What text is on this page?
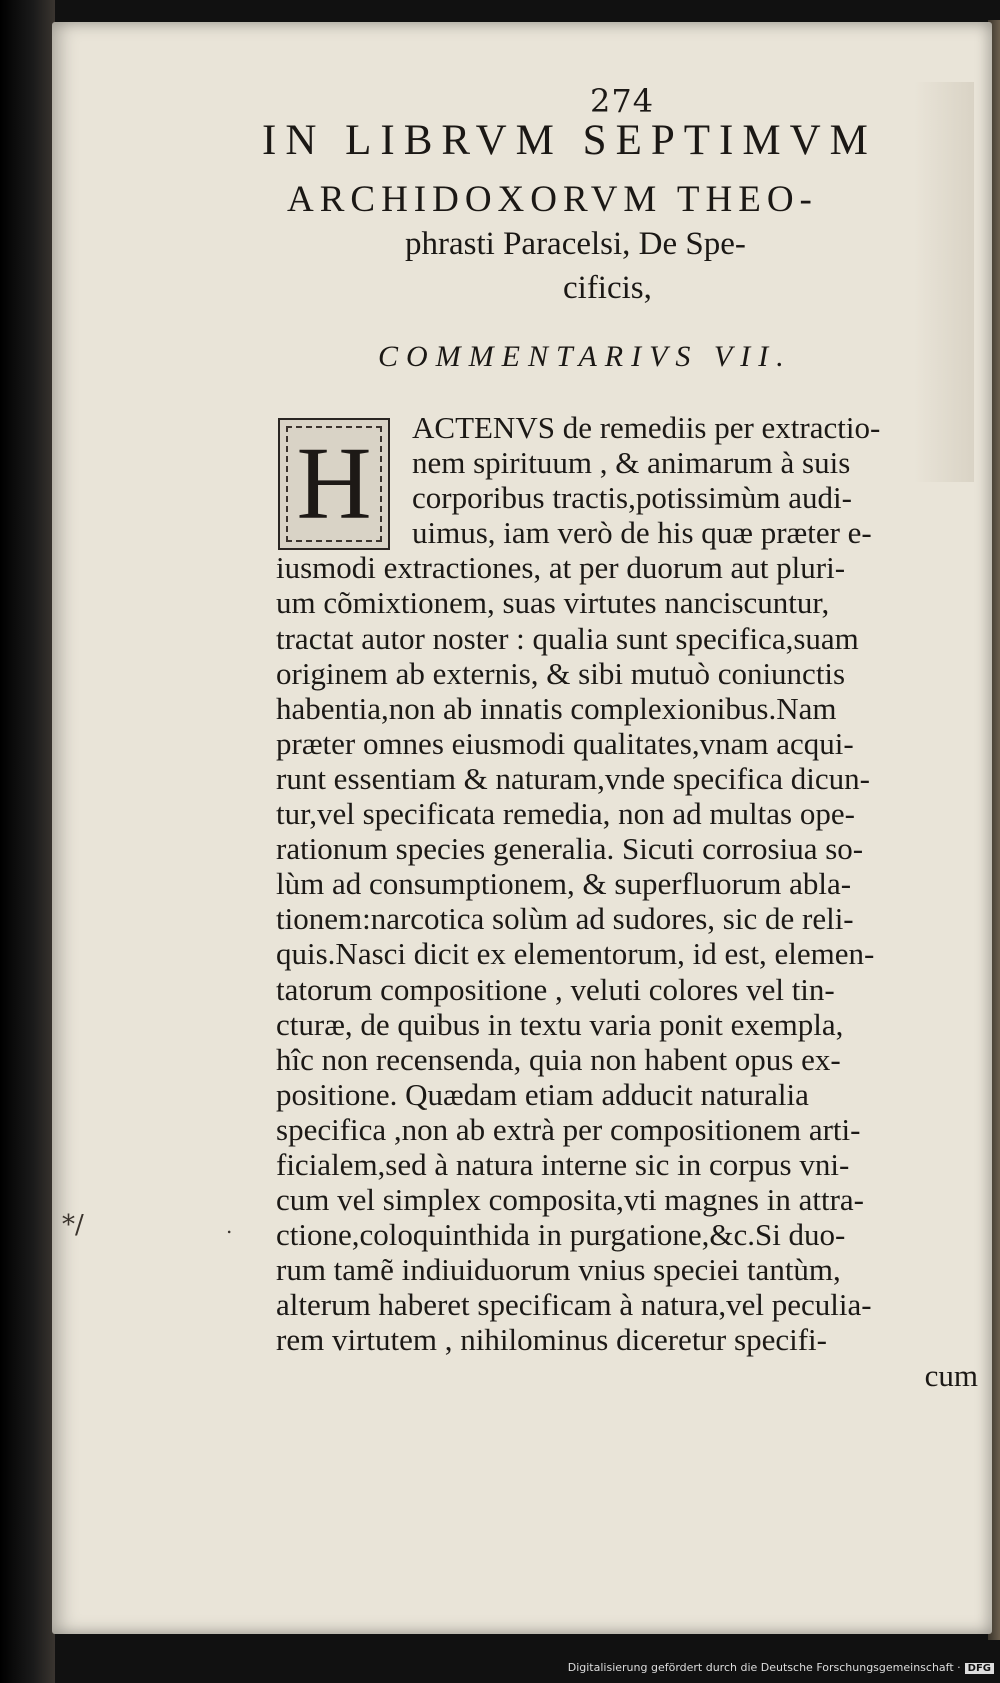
274
IN LIBRVM SEPTIMVM
ARCHIDOXORVM THEO-
phrasti Paracelsi, De Spe-
cificis,
COMMENTARIVS VII.
ACTENVS de remediis per extractio-
nem spirituum , & animarum à suis
corporibus tractis,potissimùm audi-
uimus, iam verò de his quæ præter e-
iusmodi extractiones, at per duorum aut pluri-
um cõmixtionem, suas virtutes nanciscuntur,
tractat autor noster : qualia sunt specifica,suam
originem ab externis, & sibi mutuò coniunctis
habentia,non ab innatis complexionibus.Nam
præter omnes eiusmodi qualitates,vnam acqui-
runt essentiam & naturam,vnde specifica dicun-
tur,vel specificata remedia, non ad multas ope-
rationum species generalia. Sicuti corrosiua so-
lùm ad consumptionem, & superfluorum abla-
tionem:narcotica solùm ad sudores, sic de reli-
quis.Nasci dicit ex elementorum, id est, elemen-
tatorum compositione , veluti colores vel tin-
cturæ, de quibus in textu varia ponit exempla,
hîc non recensenda, quia non habent opus ex-
positione. Quædam etiam adducit naturalia
specifica ,non ab extrà per compositionem arti-
ficialem,sed à natura interne sic in corpus vni-
cum vel simplex composita,vti magnes in attra-
ctione,coloquinthida in purgatione,&c.Si duo-
rum tamẽ indiuiduorum vnius speciei tantùm,
alterum haberet specificam à natura,vel peculia-
rem virtutem , nihilominus diceretur specifi-
cum
H
*/	.
Digitalisierung gefördert durch die Deutsche Forschungsgemeinschaft · DFG
